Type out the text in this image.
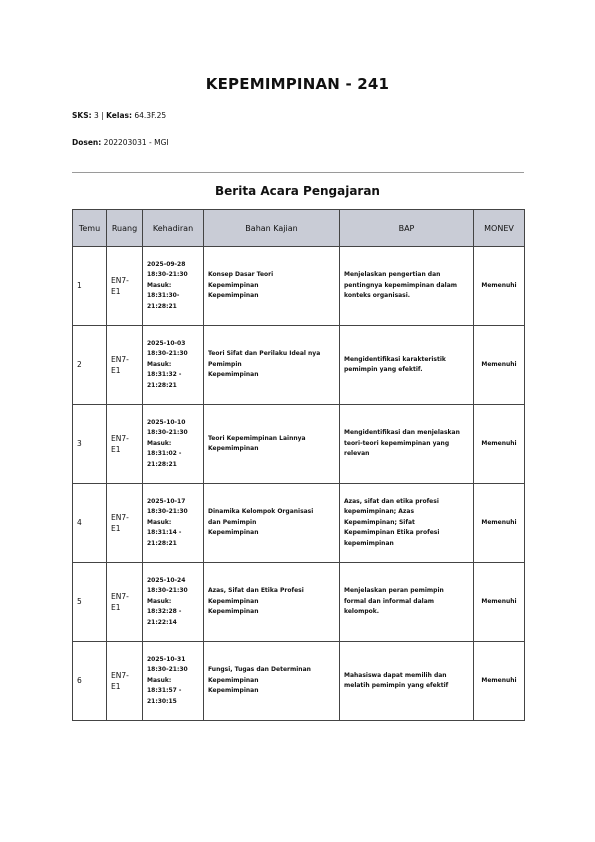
KEPEMIMPINAN - 241
SKS: 3 | Kelas: 64.3F.25
Dosen: 202203031 - MGI
Berita Acara Pengajaran
Temu	Ruang	Kehadiran	Bahan Kajian	BAP	MONEV
1	EN7-
E1	2025-09-28
18:30-21:30
Masuk:
18:31:30-
21:28:21	Konsep Dasar Teori
Kepemimpinan
Kepemimpinan	Menjelaskan pengertian dan
pentingnya kepemimpinan dalam
konteks organisasi.	Memenuhi
2	EN7-
E1	2025-10-03
18:30-21:30
Masuk:
18:31:32 -
21:28:21	Teori Sifat dan Perilaku Ideal nya
Pemimpin
Kepemimpinan	Mengidentifikasi karakteristik
pemimpin yang efektif.	Memenuhi
3	EN7-
E1	2025-10-10
18:30-21:30
Masuk:
18:31:02 -
21:28:21	Teori Kepemimpinan Lainnya
Kepemimpinan	Mengidentifikasi dan menjelaskan
teori-teori kepemimpinan yang
relevan	Memenuhi
4	EN7-
E1	2025-10-17
18:30-21:30
Masuk:
18:31:14 -
21:28:21	Dinamika Kelompok Organisasi
dan Pemimpin
Kepemimpinan	Azas, sifat dan etika profesi
kepemimpinan; Azas
Kepemimpinan; Sifat
Kepemimpinan Etika profesi
kepemimpinan	Memenuhi
5	EN7-
E1	2025-10-24
18:30-21:30
Masuk:
18:32:28 -
21:22:14	Azas, Sifat dan Etika Profesi
Kepemimpinan
Kepemimpinan	Menjelaskan peran pemimpin
formal dan informal dalam
kelompok.	Memenuhi
6	EN7-
E1	2025-10-31
18:30-21:30
Masuk:
18:31:57 -
21:30:15	Fungsi, Tugas dan Determinan
Kepemimpinan
Kepemimpinan	Mahasiswa dapat memilih dan
melatih pemimpin yang efektif	Memenuhi
